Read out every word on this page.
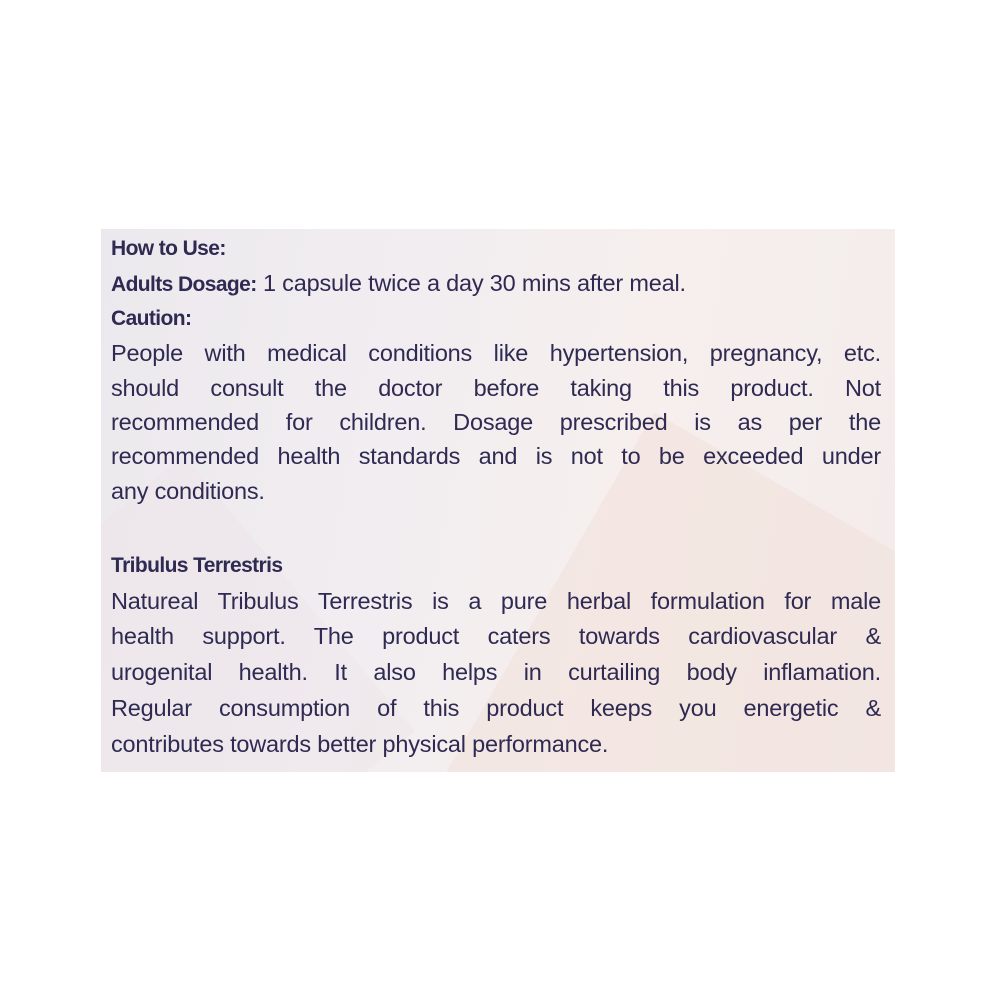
How to Use:
Adults Dosage: 1 capsule twice a day 30 mins after meal.
Caution:
People with medical conditions like hypertension, pregnancy, etc.
should consult the doctor before taking this product. Not
recommended for children. Dosage prescribed is as per the
recommended health standards and is not to be exceeded under
any conditions.
Tribulus Terrestris
Natureal Tribulus Terrestris is a pure herbal formulation for male
health support. The product caters towards cardiovascular &
urogenital health. It also helps in curtailing body inflamation.
Regular consumption of this product keeps you energetic &
contributes towards better physical performance.
